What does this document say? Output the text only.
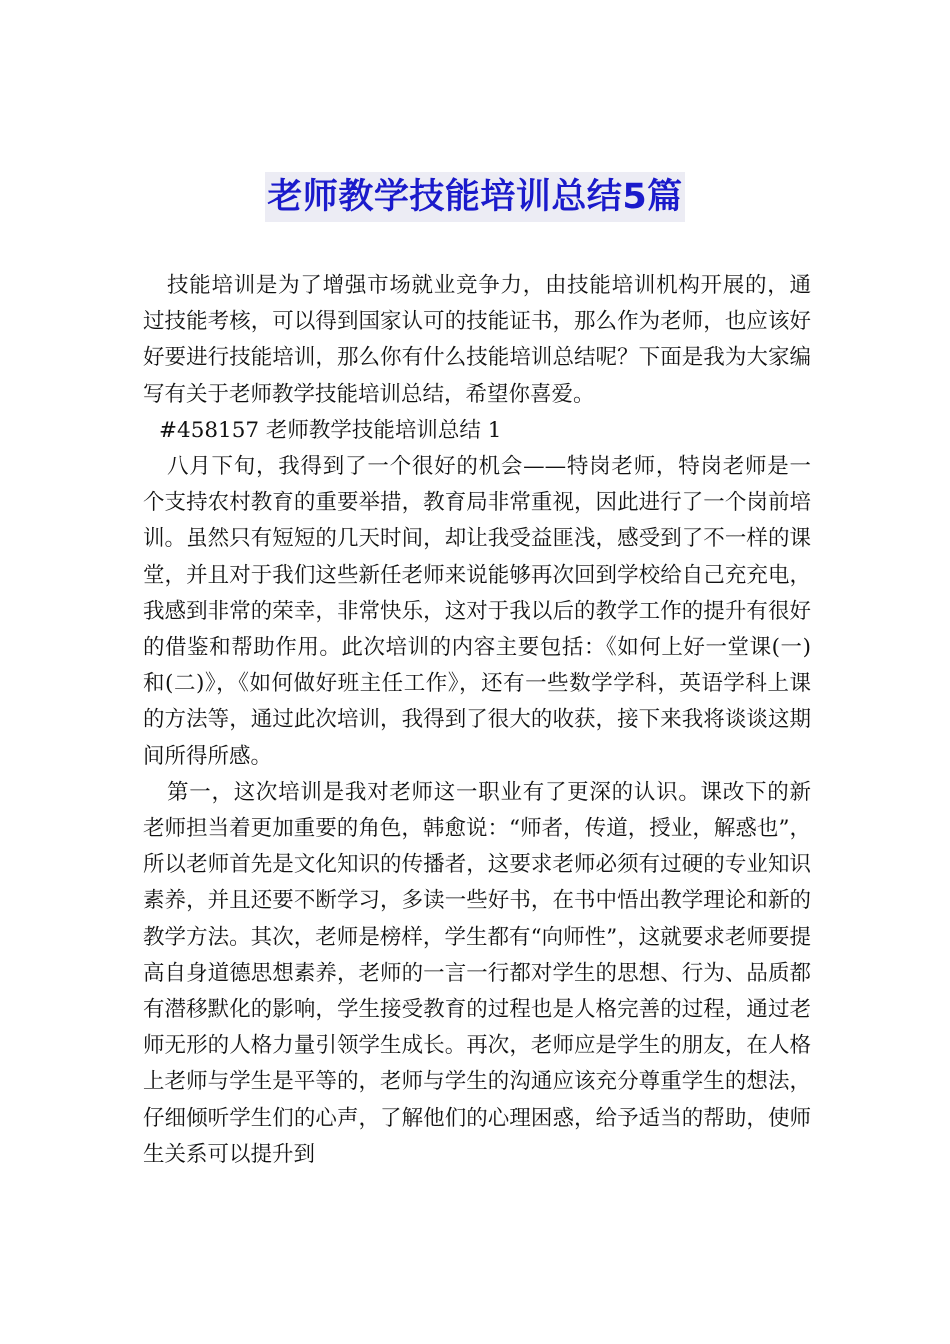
老师教学技能培训总结5篇

技能培训是为了增强市场就业竞争力，由技能培训机构开展的，通过技能考核，可以得到国家认可的技能证书，那么作为老师，也应该好好要进行技能培训，那么你有什么技能培训总结呢？下面是我为大家编写有关于老师教学技能培训总结，希望你喜爱。

#458157 老师教学技能培训总结 1

八月下旬，我得到了一个很好的机会——特岗老师，特岗老师是一个支持农村教育的重要举措，教育局非常重视，因此进行了一个岗前培训。虽然只有短短的几天时间，却让我受益匪浅，感受到了不一样的课堂，并且对于我们这些新任老师来说能够再次回到学校给自己充充电，我感到非常的荣幸，非常快乐，这对于我以后的教学工作的提升有很好的借鉴和帮助作用。此次培训的内容主要包括：《如何上好一堂课(一)和(二)》，《如何做好班主任工作》，还有一些数学学科，英语学科上课的方法等，通过此次培训，我得到了很大的收获，接下来我将谈谈这期间所得所感。

第一，这次培训是我对老师这一职业有了更深的认识。课改下的新老师担当着更加重要的角色，韩愈说：“师者，传道，授业，解惑也”，所以老师首先是文化知识的传播者，这要求老师必须有过硬的专业知识素养，并且还要不断学习，多读一些好书，在书中悟出教学理论和新的教学方法。其次，老师是榜样，学生都有“向师性”，这就要求老师要提高自身道德思想素养，老师的一言一行都对学生的思想、行为、品质都有潜移默化的影响，学生接受教育的过程也是人格完善的过程，通过老师无形的人格力量引领学生成长。再次，老师应是学生的朋友，在人格上老师与学生是平等的，老师与学生的沟通应该充分尊重学生的想法，仔细倾听学生们的心声，了解他们的心理困惑，给予适当的帮助，使师生关系可以提升到
